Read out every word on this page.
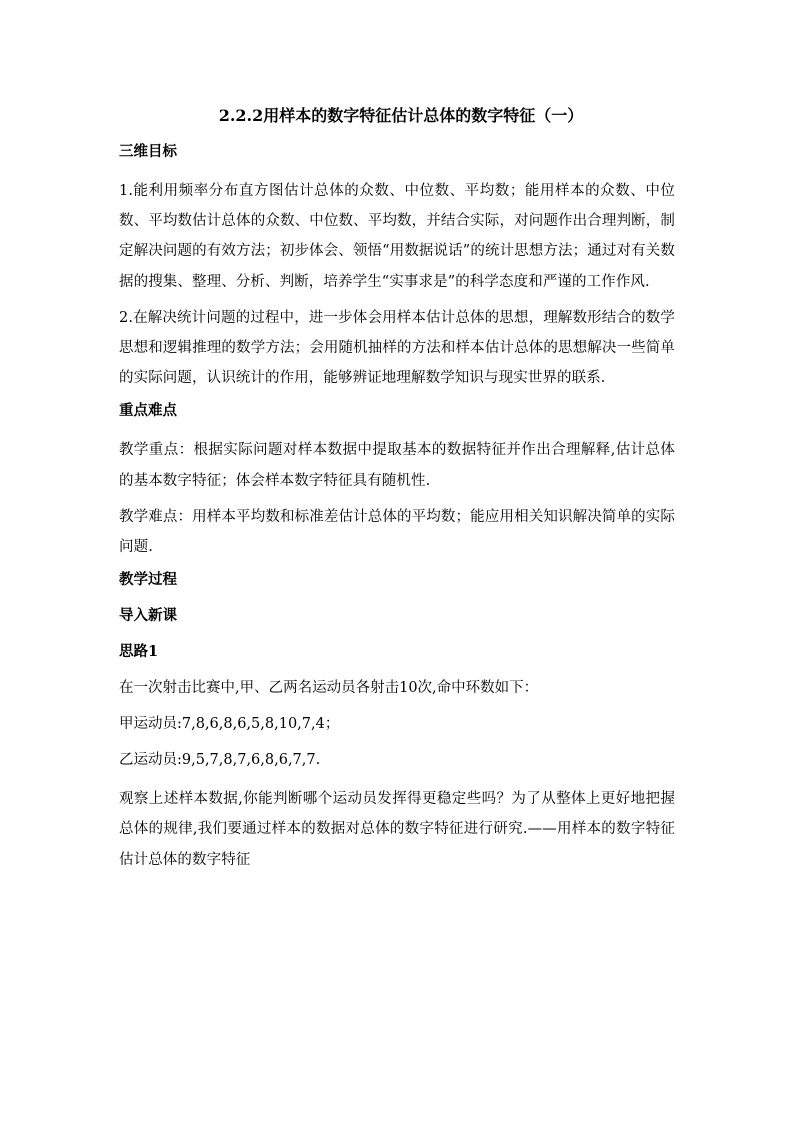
2.2.2用样本的数字特征估计总体的数字特征（一）
三维目标
1.能利用频率分布直方图估计总体的众数、中位数、平均数；能用样本的众数、中位数、平均数估计总体的众数、中位数、平均数，并结合实际，对问题作出合理判断，制定解决问题的有效方法；初步体会、领悟“用数据说话”的统计思想方法；通过对有关数据的搜集、整理、分析、判断，培养学生“实事求是”的科学态度和严谨的工作作风.
2.在解决统计问题的过程中，进一步体会用样本估计总体的思想，理解数形结合的数学思想和逻辑推理的数学方法；会用随机抽样的方法和样本估计总体的思想解决一些简单的实际问题，认识统计的作用，能够辨证地理解数学知识与现实世界的联系.
重点难点
教学重点：根据实际问题对样本数据中提取基本的数据特征并作出合理解释,估计总体的基本数字特征；体会样本数字特征具有随机性.
教学难点：用样本平均数和标准差估计总体的平均数；能应用相关知识解决简单的实际问题.
教学过程
导入新课
思路1
在一次射击比赛中,甲、乙两名运动员各射击10次,命中环数如下：
甲运动员:7,8,6,8,6,5,8,10,7,4；
乙运动员:9,5,7,8,7,6,8,6,7,7.
观察上述样本数据,你能判断哪个运动员发挥得更稳定些吗？为了从整体上更好地把握总体的规律,我们要通过样本的数据对总体的数字特征进行研究.——用样本的数字特征估计总体的数字特征
